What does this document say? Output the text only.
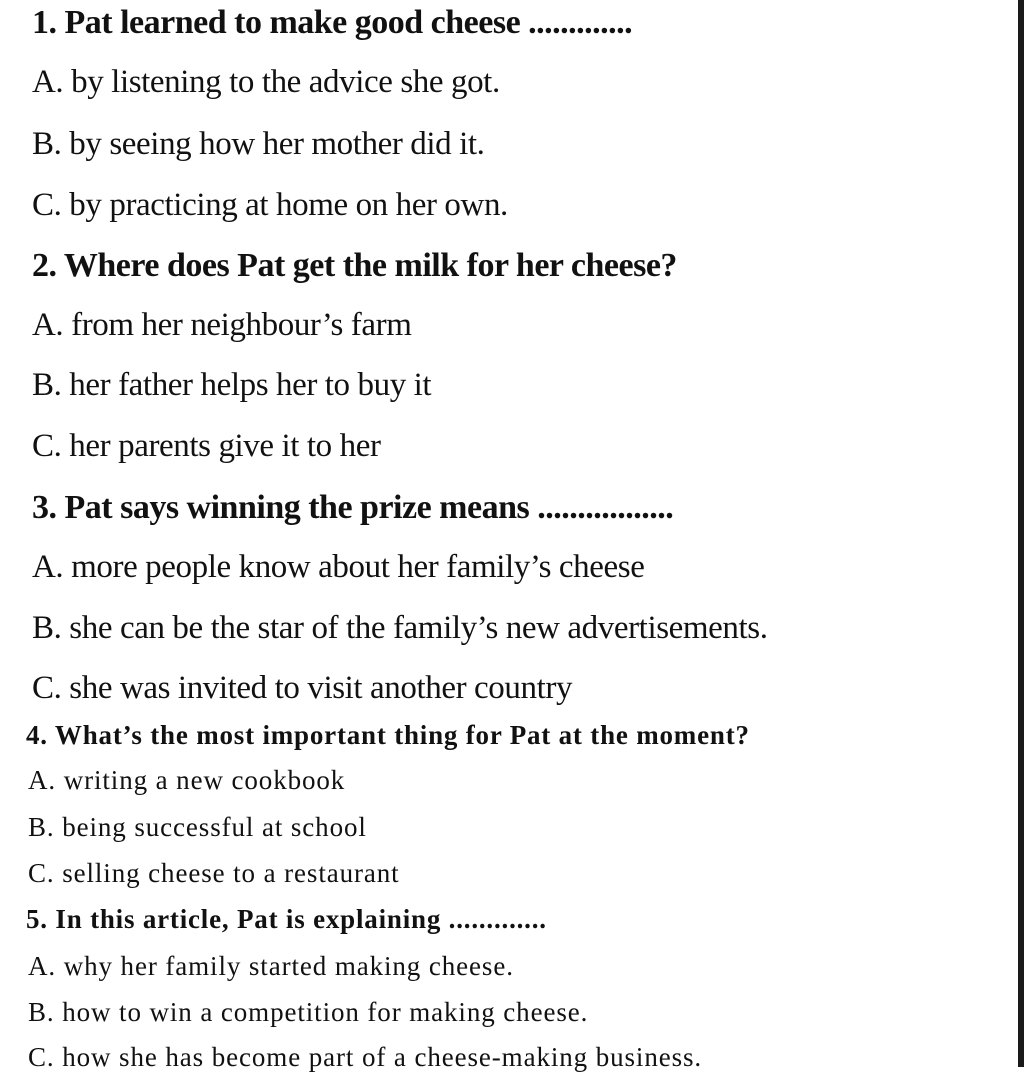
1. Pat learned to make good cheese .............
A. by listening to the advice she got.
B. by seeing how her mother did it.
C. by practicing at home on her own.
2. Where does Pat get the milk for her cheese?
A. from her neighbour’s farm
B. her father helps her to buy it
C. her parents give it to her
3. Pat says winning the prize means .................
A. more people know about her family’s cheese
B. she can be the star of the family’s new advertisements.
C. she was invited to visit another country
4. What’s the most important thing for Pat at the moment?
A. writing a new cookbook
B. being successful at school
C. selling cheese to a restaurant
5. In this article, Pat is explaining .............
A. why her family started making cheese.
B. how to win a competition for making cheese.
C. how she has become part of a cheese-making business.
